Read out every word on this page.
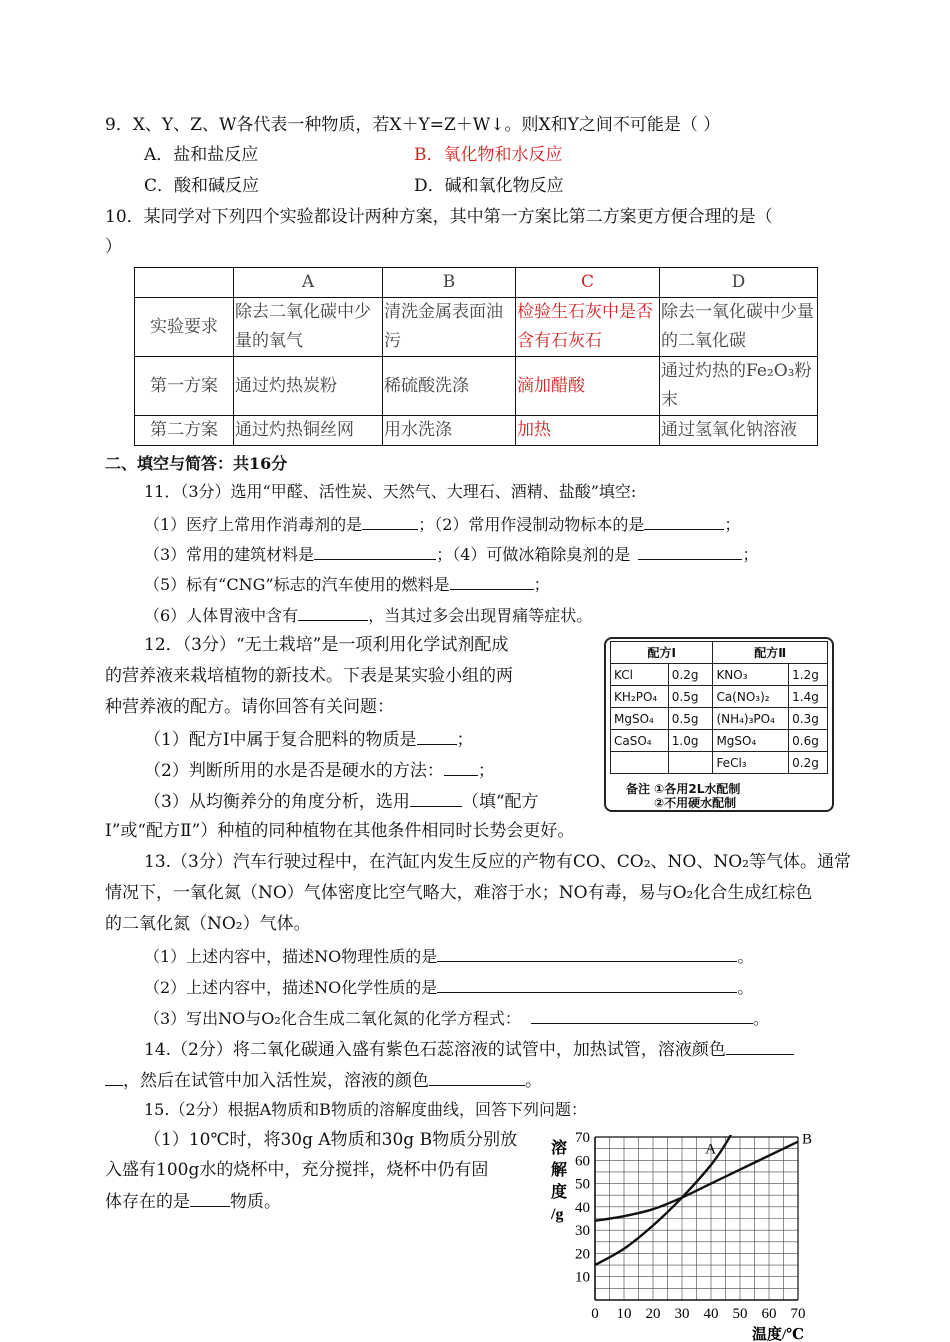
9．X、Y、Z、W各代表一种物质，若X＋Y=Z＋W↓。则X和Y之间不可能是（ ）
A．盐和盐反应	B．氧化物和水反应
C．酸和碱反应	D．碱和氧化物反应
10．某同学对下列四个实验都设计两种方案，其中第一方案比第二方案更方便合理的是（
）
	A	B	C	D
实验要求	除去二氧化碳中少量的氧气	清洗金属表面油污	检验生石灰中是否含有石灰石	除去一氧化碳中少量的二氧化碳
第一方案	通过灼热炭粉	稀硫酸洗涤	滴加醋酸	通过灼热的Fe₂O₃粉末
第二方案	通过灼热铜丝网	用水洗涤	加热	通过氢氧化钠溶液
二、填空与简答：共16分
11．（3分）选用“甲醛、活性炭、天然气、大理石、酒精、盐酸”填空:
（1）医疗上常用作消毒剂的是	；（2）常用作浸制动物标本的是	；
（3）常用的建筑材料是	；（4）可做冰箱除臭剂的是	；
（5）标有“CNG”标志的汽车使用的燃料是	；
（6）人体胃液中含有	，当其过多会出现胃痛等症状。
12．（3分）“无土栽培”是一项利用化学试剂配成
的营养液来栽培植物的新技术。下表是某实验小组的两
种营养液的配方。请你回答有关问题：
（1）配方Ⅰ中属于复合肥料的物质是 ；
（2）判断所用的水是否是硬水的方法： ；
（3）从均衡养分的角度分析，选用	（填“配方
Ⅰ”或“配方Ⅱ”）种植的同种植物在其他条件相同时长势会更好。
配方Ⅰ		配方Ⅱ	
KCl	0.2g	KNO₃	1.2g
KH₂PO₄	0.5g	Ca(NO₃)₂	1.4g
MgSO₄	0.5g	(NH₄)₃PO₄	0.3g
CaSO₄	1.0g	MgSO₄	0.6g
		FeCl₃	0.2g
备注 ①各用2L水配制
②不用硬水配制
13.（3分）汽车行驶过程中，在汽缸内发生反应的产物有CO、CO₂、NO、NO₂等气体。通常
情况下，一氧化氮（NO）气体密度比空气略大，难溶于水；NO有毒，易与O₂化合生成红棕色
的二氧化氮（NO₂）气体。
（1）上述内容中，描述NO物理性质的是	。
（2）上述内容中，描述NO化学性质的是	。
（3）写出NO与O₂化合生成二氧化氮的化学方程式：	。
14.（2分）将二氧化碳通入盛有紫色石蕊溶液的试管中，加热试管，溶液颜色
，然后在试管中加入活性炭，溶液的颜色	。
15.（2分）根据A物质和B物质的溶解度曲线，回答下列问题：
（1）10℃时，将30g A物质和30g B物质分别放
入盛有100g水的烧杯中，充分搅拌，烧杯中仍有固
体存在的是 物质。
A
B
0 10 20 30 40 50 60 70
10
20
30
40
50
60
70
溶
解
度
/g
温度/℃
